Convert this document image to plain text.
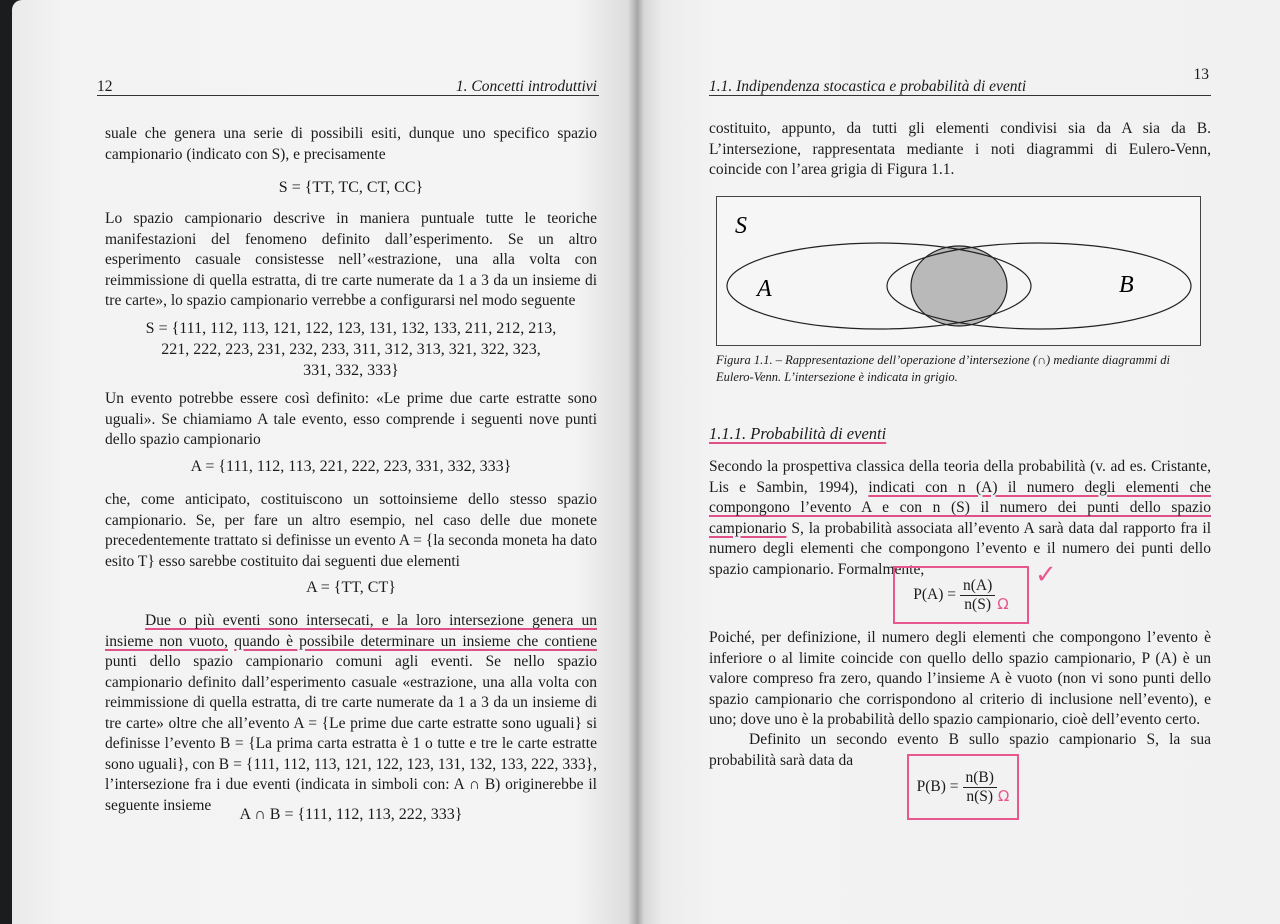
12	1. Concetti introduttivi

suale che genera una serie di possibili esiti, dunque uno specifico spazio campionario (indicato con S), e precisamente

S = {TT, TC, CT, CC}

Lo spazio campionario descrive in maniera puntuale tutte le teoriche manifestazioni del fenomeno definito dall’esperimento. Se un altro esperimento casuale consistesse nell’«estrazione, una alla volta con reimmissione di quella estratta, di tre carte numerate da 1 a 3 da un insieme di tre carte», lo spazio campionario verrebbe a configurarsi nel modo seguente

S = {111, 112, 113, 121, 122, 123, 131, 132, 133, 211, 212, 213,

221, 222, 223, 231, 232, 233, 311, 312, 313, 321, 322, 323,

331, 332, 333}

Un evento potrebbe essere così definito: «Le prime due carte estratte sono uguali». Se chiamiamo A tale evento, esso comprende i seguenti nove punti dello spazio campionario

A = {111, 112, 113, 221, 222, 223, 331, 332, 333}

che, come anticipato, costituiscono un sottoinsieme dello stesso spazio campionario. Se, per fare un altro esempio, nel caso delle due monete precedentemente trattato si definisse un evento A = {la seconda moneta ha dato esito T} esso sarebbe costituito dai seguenti due elementi

A = {TT, CT}

Due o più eventi sono intersecati, e la loro intersezione genera un insieme non vuoto, quando è possibile determinare un insieme che contiene punti dello spazio campionario comuni agli eventi. Se nello spazio campionario definito dall’esperimento casuale «estrazione, una alla volta con reimmissione di quella estratta, di tre carte numerate da 1 a 3 da un insieme di tre carte» oltre che all’evento A = {Le prime due carte estratte sono uguali} si definisse l’evento B = {La prima carta estratta è 1 o tutte e tre le carte estratte sono uguali}, con B = {111, 112, 113, 121, 122, 123, 131, 132, 133, 222, 333}, l’intersezione fra i due eventi (indicata in simboli con: A ∩ B) originerebbe il seguente insieme

A ∩ B = {111, 112, 113, 222, 333}

1.1. Indipendenza stocastica e probabilità di eventi
13

costituito, appunto, da tutti gli elementi condivisi sia da A sia da B. L’intersezione, rappresentata mediante i noti diagrammi di Eulero-Venn, coincide con l’area grigia di Figura 1.1.

S
A	B

Figura 1.1. – Rappresentazione dell’operazione d’intersezione (∩) mediante diagrammi di Eulero-Venn. L’intersezione è indicata in grigio.

1.1.1. Probabilità di eventi

Secondo la prospettiva classica della teoria della probabilità (v. ad es. Cristante, Lis e Sambin, 1994), indicati con n (A) il numero degli elementi che compongono l’evento A e con n (S) il numero dei punti dello spazio campionario S, la probabilità associata all’evento A sarà data dal rapporto fra il numero degli elementi che compongono l’evento e il numero dei punti dello spazio campionario. Formalmente,

$P(A) = \frac{n(A)}{n(S)}$ Ω
✓

Poiché, per definizione, il numero degli elementi che compongono l’evento è inferiore o al limite coincide con quello dello spazio campionario, P (A) è un valore compreso fra zero, quando l’insieme A è vuoto (non vi sono punti dello spazio campionario che corrispondono al criterio di inclusione nell’evento), e uno; dove uno è la probabilità dello spazio campionario, cioè dell’evento certo.

Definito un secondo evento B sullo spazio campionario S, la sua probabilità sarà data da

$P(B) = \frac{n(B)}{n(S)}$ Ω
